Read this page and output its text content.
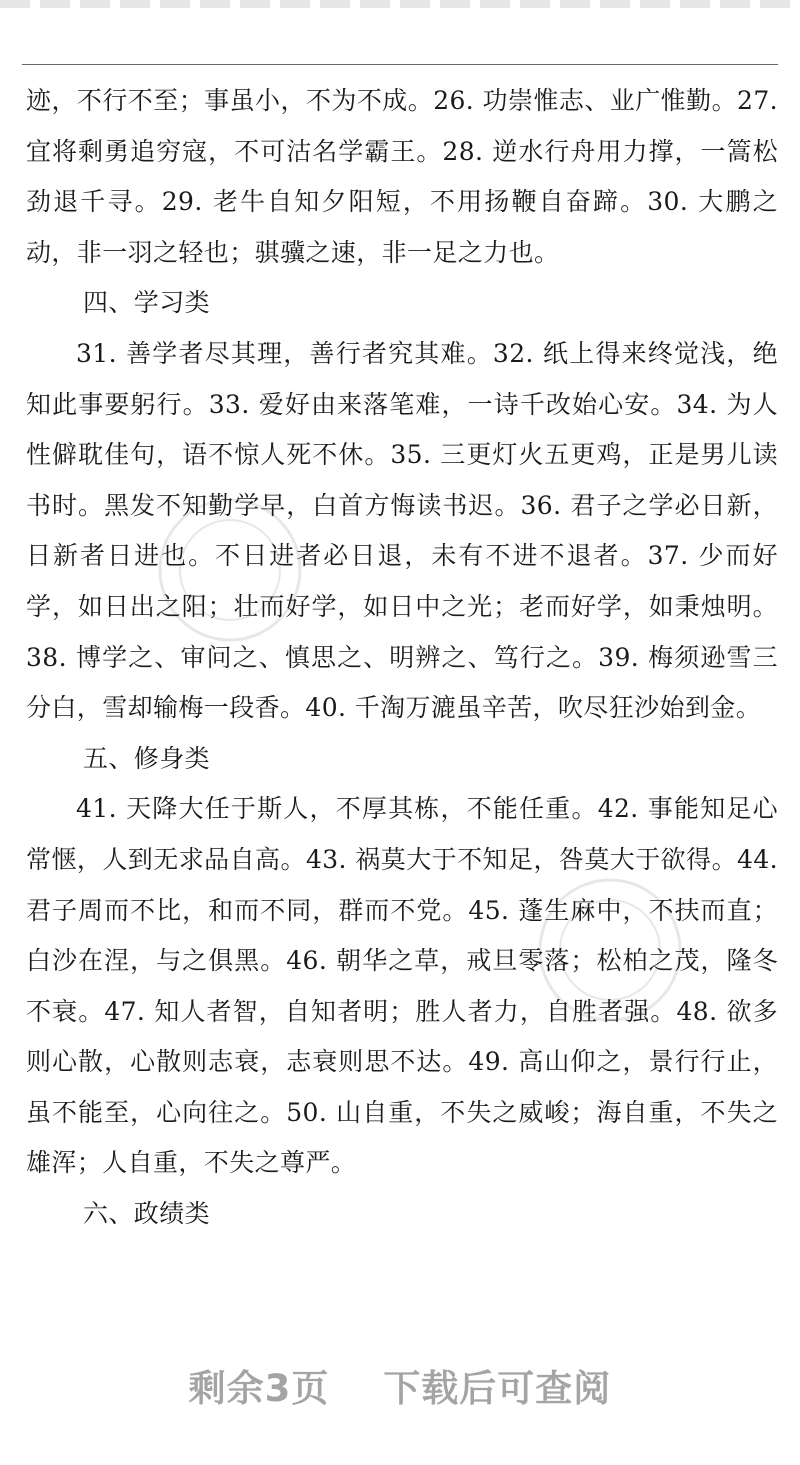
迹，不行不至；事虽小，不为不成。26. 功崇惟志、业广惟勤。27. 宜将剩勇追穷寇，不可沽名学霸王。28. 逆水行舟用力撑，一篙松劲退千寻。29. 老牛自知夕阳短，不用扬鞭自奋蹄。30. 大鹏之动，非一羽之轻也；骐骥之速，非一足之力也。

四、学习类

31. 善学者尽其理，善行者究其难。32. 纸上得来终觉浅，绝知此事要躬行。33. 爱好由来落笔难，一诗千改始心安。34. 为人性僻耽佳句，语不惊人死不休。35. 三更灯火五更鸡，正是男儿读书时。黑发不知勤学早，白首方悔读书迟。36. 君子之学必日新，日新者日进也。不日进者必日退，未有不进不退者。37. 少而好学，如日出之阳；壮而好学，如日中之光；老而好学，如秉烛明。38. 博学之、审问之、慎思之、明辨之、笃行之。39. 梅须逊雪三分白，雪却输梅一段香。40. 千淘万漉虽辛苦，吹尽狂沙始到金。

五、修身类

41. 天降大任于斯人，不厚其栋，不能任重。42. 事能知足心常惬，人到无求品自高。43. 祸莫大于不知足，咎莫大于欲得。44. 君子周而不比，和而不同，群而不党。45. 蓬生麻中，不扶而直；白沙在涅，与之俱黑。46. 朝华之草，戒旦零落；松柏之茂，隆冬不衰。47. 知人者智，自知者明；胜人者力，自胜者强。48. 欲多则心散，心散则志衰，志衰则思不达。49. 高山仰之，景行行止，虽不能至，心向往之。50. 山自重，不失之威峻；海自重，不失之雄浑；人自重，不失之尊严。

六、政绩类

剩余3页 下载后可查阅
